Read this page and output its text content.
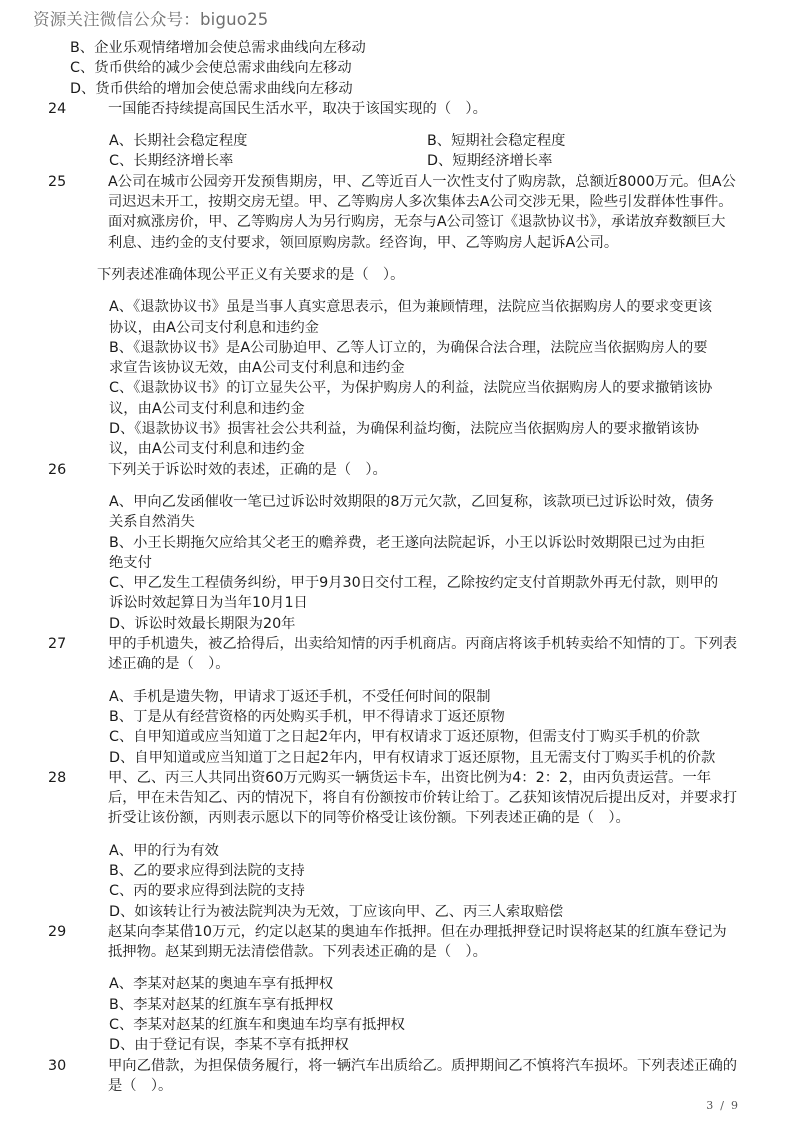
资源关注微信公众号：biguo25
B、企业乐观情绪增加会使总需求曲线向左移动
C、货币供给的减少会使总需求曲线向左移动
D、货币供给的增加会使总需求曲线向左移动
24	一国能否持续提高国民生活水平，取决于该国实现的（　）。
A、长期社会稳定程度	B、短期社会稳定程度
C、长期经济增长率	D、短期经济增长率
25	A公司在城市公园旁开发预售期房，甲、乙等近百人一次性支付了购房款，总额近8000万元。但A公司迟迟未开工，按期交房无望。甲、乙等购房人多次集体去A公司交涉无果，险些引发群体性事件。面对疯涨房价，甲、乙等购房人为另行购房，无奈与A公司签订《退款协议书》，承诺放弃数额巨大利息、违约金的支付要求，领回原购房款。经咨询，甲、乙等购房人起诉A公司。
下列表述准确体现公平正义有关要求的是（　）。
A、《退款协议书》虽是当事人真实意思表示，但为兼顾情理，法院应当依据购房人的要求变更该协议，由A公司支付利息和违约金
B、《退款协议书》是A公司胁迫甲、乙等人订立的，为确保合法合理，法院应当依据购房人的要求宣告该协议无效，由A公司支付利息和违约金
C、《退款协议书》的订立显失公平，为保护购房人的利益，法院应当依据购房人的要求撤销该协议，由A公司支付利息和违约金
D、《退款协议书》损害社会公共利益，为确保利益均衡，法院应当依据购房人的要求撤销该协议，由A公司支付利息和违约金
26	下列关于诉讼时效的表述，正确的是（　）。
A、甲向乙发函催收一笔已过诉讼时效期限的8万元欠款，乙回复称，该款项已过诉讼时效，债务关系自然消失
B、小王长期拖欠应给其父老王的赡养费，老王遂向法院起诉，小王以诉讼时效期限已过为由拒绝支付
C、甲乙发生工程债务纠纷，甲于9月30日交付工程，乙除按约定支付首期款外再无付款，则甲的诉讼时效起算日为当年10月1日
D、诉讼时效最长期限为20年
27	甲的手机遗失，被乙拾得后，出卖给知情的丙手机商店。丙商店将该手机转卖给不知情的丁。下列表述正确的是（　）。
A、手机是遗失物，甲请求丁返还手机，不受任何时间的限制
B、丁是从有经营资格的丙处购买手机，甲不得请求丁返还原物
C、自甲知道或应当知道丁之日起2年内，甲有权请求丁返还原物，但需支付丁购买手机的价款
D、自甲知道或应当知道丁之日起2年内，甲有权请求丁返还原物，且无需支付丁购买手机的价款
28	甲、乙、丙三人共同出资60万元购买一辆货运卡车，出资比例为4：2：2，由丙负责运营。一年后，甲在未告知乙、丙的情况下，将自有份额按市价转让给丁。乙获知该情况后提出反对，并要求打折受让该份额，丙则表示愿以下的同等价格受让该份额。下列表述正确的是（　）。
A、甲的行为有效
B、乙的要求应得到法院的支持
C、丙的要求应得到法院的支持
D、如该转让行为被法院判决为无效，丁应该向甲、乙、丙三人索取赔偿
29	赵某向李某借10万元，约定以赵某的奥迪车作抵押。但在办理抵押登记时误将赵某的红旗车登记为抵押物。赵某到期无法清偿借款。下列表述正确的是（　）。
A、李某对赵某的奥迪车享有抵押权
B、李某对赵某的红旗车享有抵押权
C、李某对赵某的红旗车和奥迪车均享有抵押权
D、由于登记有误，李某不享有抵押权
30	甲向乙借款，为担保债务履行，将一辆汽车出质给乙。质押期间乙不慎将汽车损坏。下列表述正确的是（　）。
3 / 9
